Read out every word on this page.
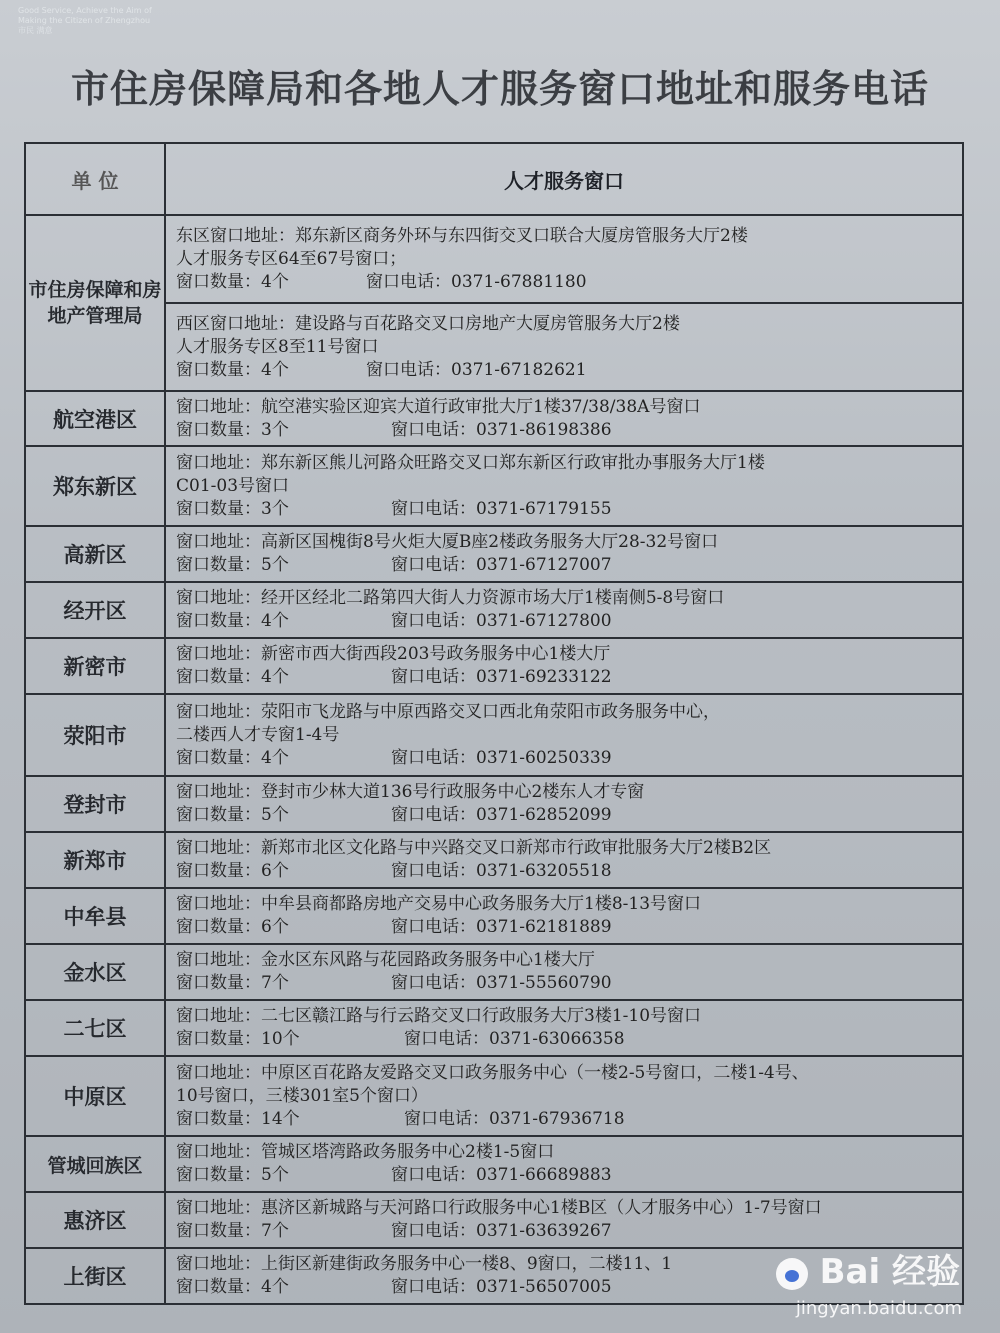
Good Service, Achieve the Aim of
Making the Citizen of Zhengzhou
市民 满意
市住房保障局和各地人才服务窗口地址和服务电话
单 位	人才服务窗口
市住房保障和房地产管理局	东区窗口地址：郑东新区商务外环与东四街交叉口联合大厦房管服务大厅2楼
人才服务专区64至67号窗口；
窗口数量：4个 窗口电话：0371-67881180

	西区窗口地址：建设路与百花路交叉口房地产大厦房管服务大厅2楼
人才服务专区8至11号窗口
窗口数量：4个 窗口电话：0371-67182621

航空港区	窗口地址：航空港实验区迎宾大道行政审批大厅1楼37/38/38A号窗口
窗口数量：3个 窗口电话：0371-86198386

郑东新区	窗口地址：郑东新区熊儿河路众旺路交叉口郑东新区行政审批办事服务大厅1楼
C01-03号窗口
窗口数量：3个 窗口电话：0371-67179155

高新区	窗口地址：高新区国槐街8号火炬大厦B座2楼政务服务大厅28-32号窗口
窗口数量：5个 窗口电话：0371-67127007

经开区	窗口地址：经开区经北二路第四大街人力资源市场大厅1楼南侧5-8号窗口
窗口数量：4个 窗口电话：0371-67127800

新密市	窗口地址：新密市西大街西段203号政务服务中心1楼大厅
窗口数量：4个 窗口电话：0371-69233122

荥阳市	窗口地址：荥阳市飞龙路与中原西路交叉口西北角荥阳市政务服务中心，
二楼西人才专窗1-4号
窗口数量：4个 窗口电话：0371-60250339

登封市	窗口地址：登封市少林大道136号行政服务中心2楼东人才专窗
窗口数量：5个 窗口电话：0371-62852099

新郑市	窗口地址：新郑市北区文化路与中兴路交叉口新郑市行政审批服务大厅2楼B2区
窗口数量：6个 窗口电话：0371-63205518

中牟县	窗口地址：中牟县商都路房地产交易中心政务服务大厅1楼8-13号窗口
窗口数量：6个 窗口电话：0371-62181889

金水区	窗口地址：金水区东风路与花园路政务服务中心1楼大厅
窗口数量：7个 窗口电话：0371-55560790

二七区	窗口地址：二七区赣江路与行云路交叉口行政服务大厅3楼1-10号窗口
窗口数量：10个 窗口电话：0371-63066358

中原区	窗口地址：中原区百花路友爱路交叉口政务服务中心（一楼2-5号窗口，二楼1-4号、
10号窗口，三楼301室5个窗口）
窗口数量：14个 窗口电话：0371-67936718

管城回族区	窗口地址：管城区塔湾路政务服务中心2楼1-5窗口
窗口数量：5个 窗口电话：0371-66689883

惠济区	窗口地址：惠济区新城路与天河路口行政服务中心1楼B区（人才服务中心）1-7号窗口
窗口数量：7个 窗口电话：0371-63639267

上街区	窗口地址：上街区新建街政务服务中心一楼8、9窗口，二楼11、1
窗口数量：4个 窗口电话：0371-56507005	Bai 经验
jingyan.baidu.com
